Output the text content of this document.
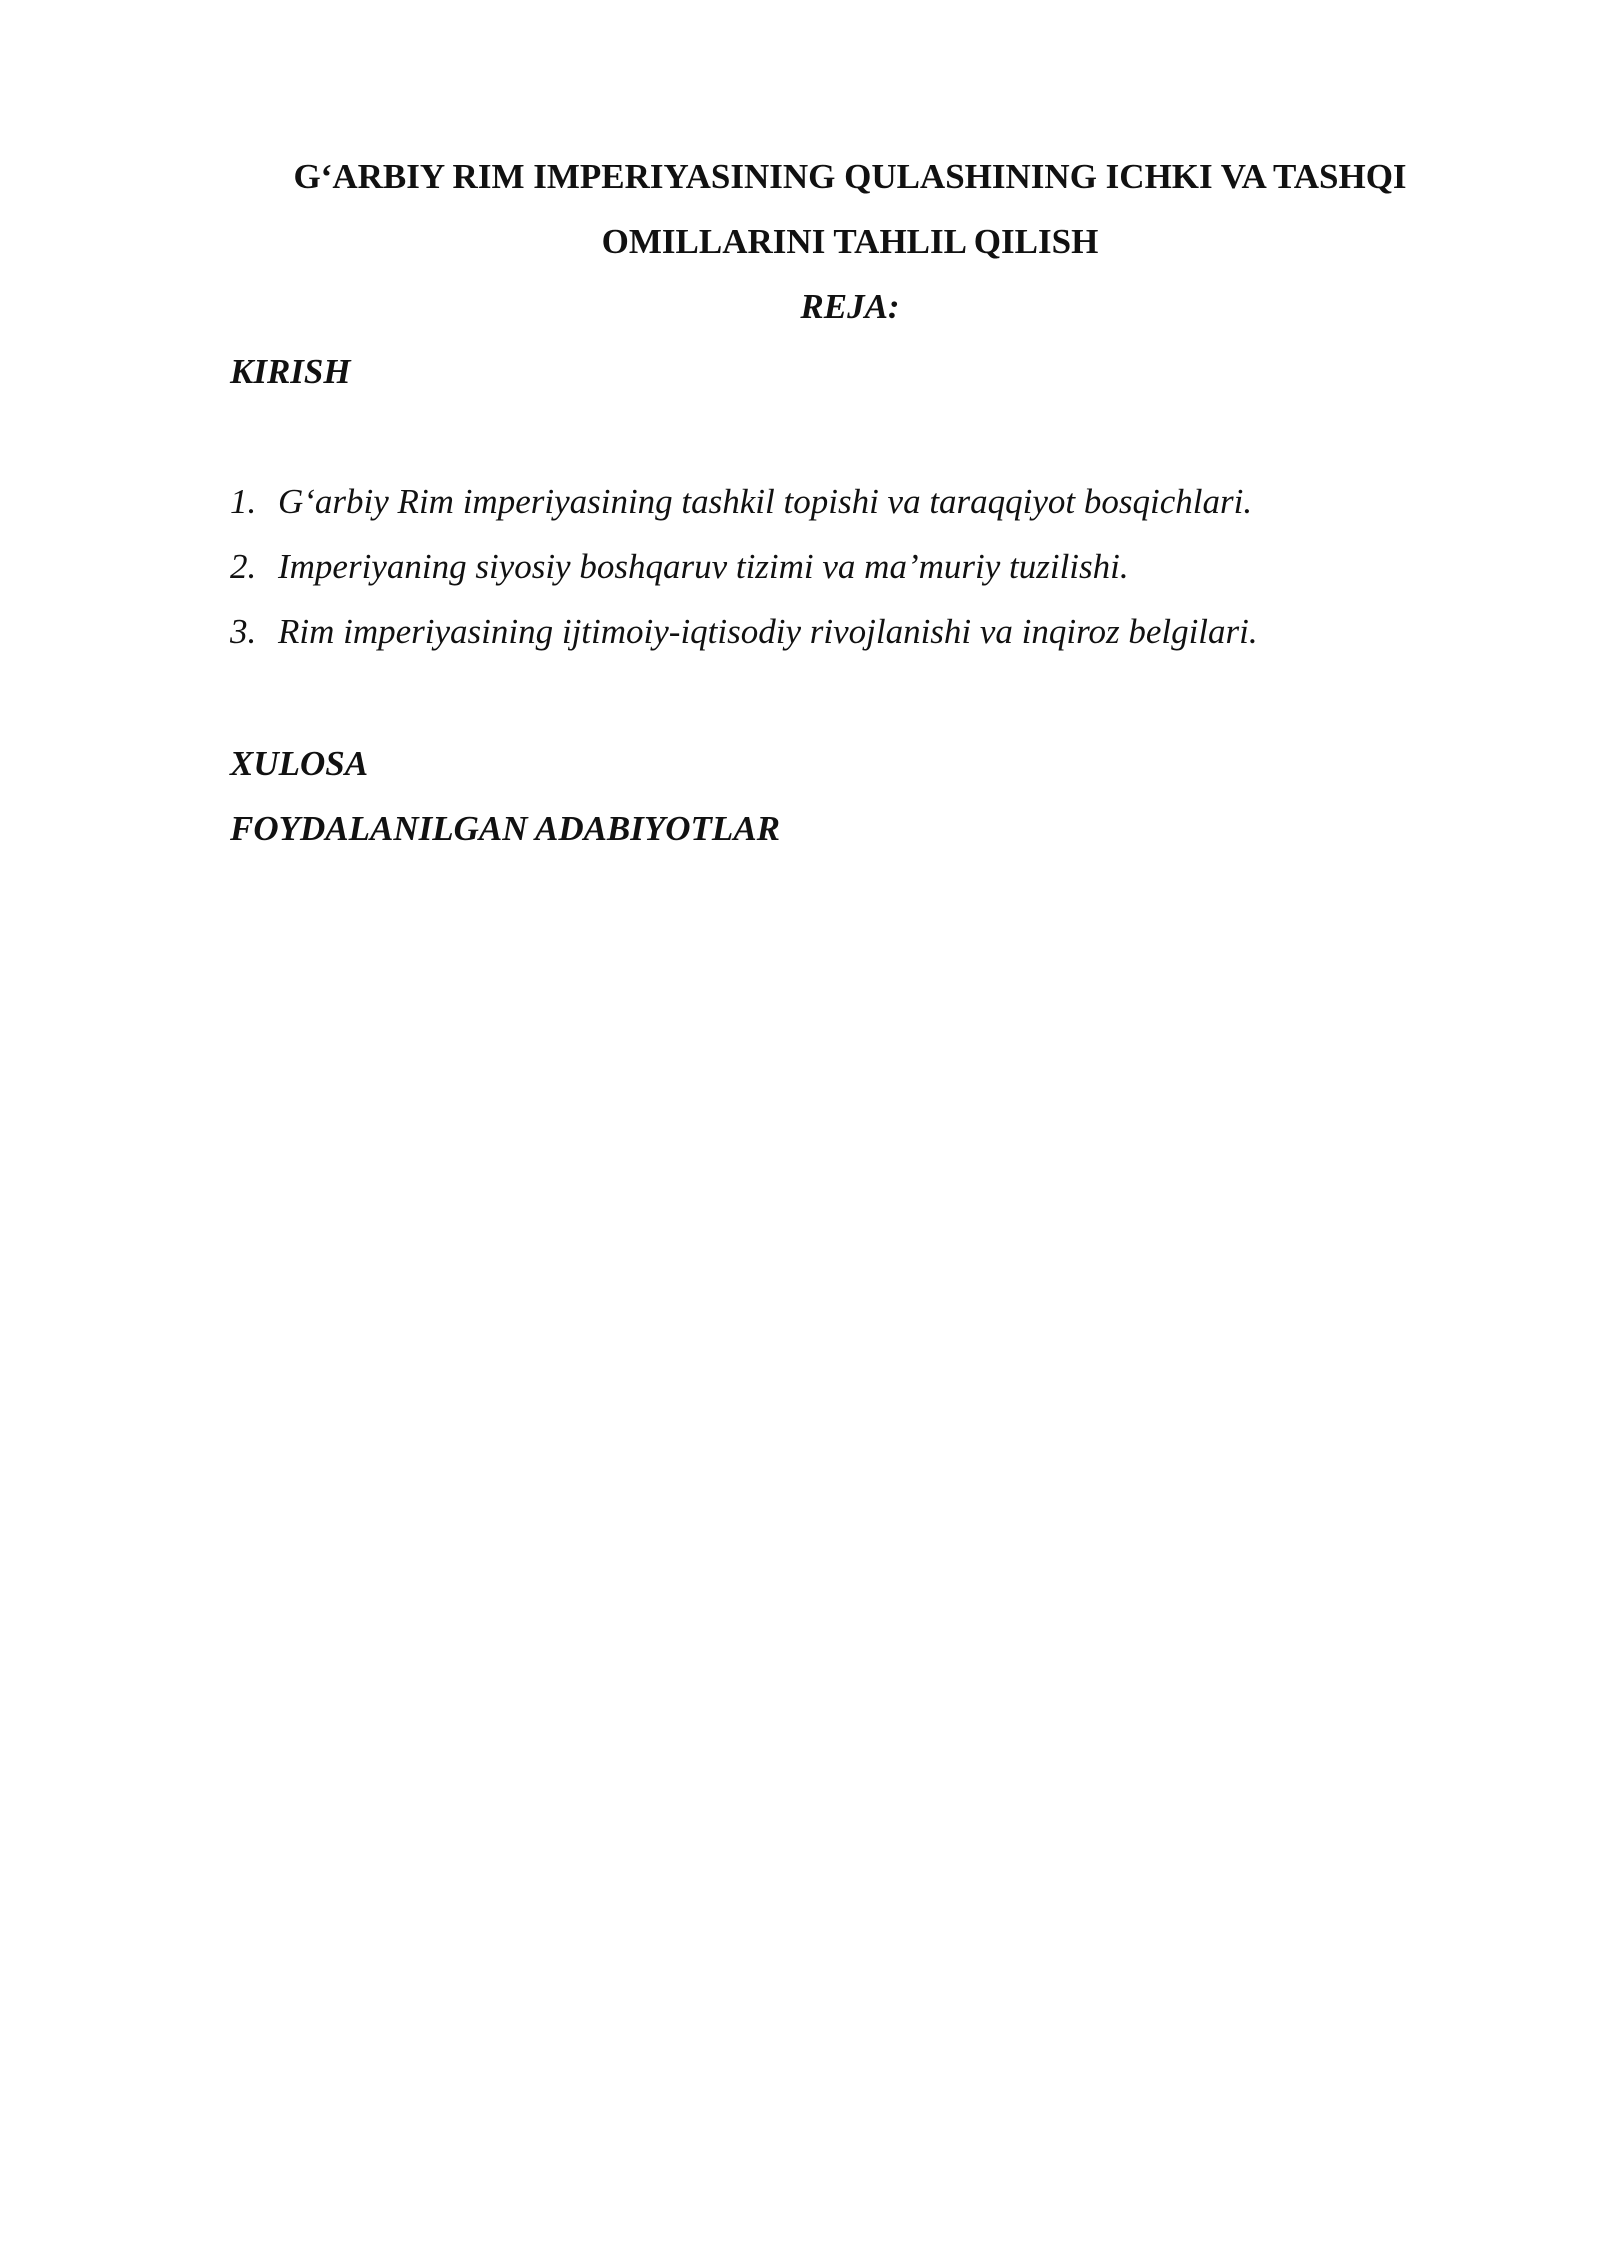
G‘ARBIY RIM IMPERIYASINING QULASHINING ICHKI VA TASHQI
OMILLARINI TAHLIL QILISH
REJA:
KIRISH
1. G‘arbiy Rim imperiyasining tashkil topishi va taraqqiyot bosqichlari.
2. Imperiyaning siyosiy boshqaruv tizimi va ma’muriy tuzilishi.
3. Rim imperiyasining ijtimoiy-iqtisodiy rivojlanishi va inqiroz belgilari.
XULOSA
FOYDALANILGAN ADABIYOTLAR
